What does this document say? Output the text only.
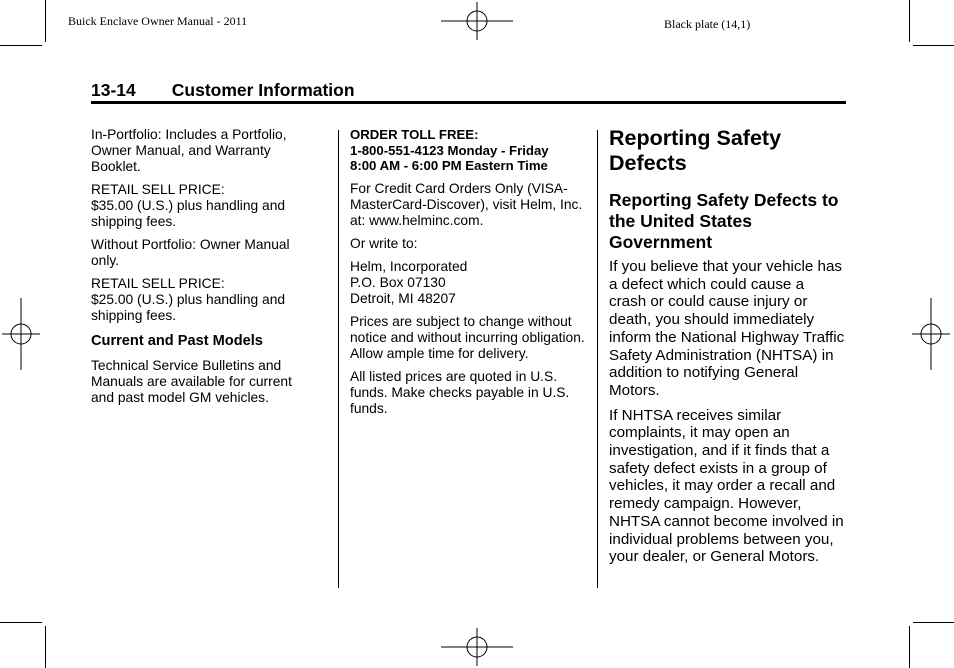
Buick Enclave Owner Manual - 2011	Black plate (14,1)
13-14 Customer Information

In-Portfolio: Includes a Portfolio, Owner Manual, and Warranty Booklet.

RETAIL SELL PRICE:
$35.00 (U.S.) plus handling and shipping fees.

Without Portfolio: Owner Manual only.

RETAIL SELL PRICE:
$25.00 (U.S.) plus handling and shipping fees.

Current and Past Models

Technical Service Bulletins and Manuals are available for current and past model GM vehicles.

ORDER TOLL FREE:
1-800-551-4123 Monday - Friday
8:00 AM - 6:00 PM Eastern Time

For Credit Card Orders Only (VISA-MasterCard-Discover), visit Helm, Inc. at: www.helminc.com.

Or write to:

Helm, Incorporated
P.O. Box 07130
Detroit, MI 48207

Prices are subject to change without notice and without incurring obligation. Allow ample time for delivery.

All listed prices are quoted in U.S. funds. Make checks payable in U.S. funds.

Reporting Safety Defects
Reporting Safety Defects to the United States Government

If you believe that your vehicle has a defect which could cause a crash or could cause injury or death, you should immediately inform the National Highway Traffic Safety Administration (NHTSA) in addition to notifying General Motors.

If NHTSA receives similar complaints, it may open an investigation, and if it finds that a safety defect exists in a group of vehicles, it may order a recall and remedy campaign. However, NHTSA cannot become involved in individual problems between you, your dealer, or General Motors.
